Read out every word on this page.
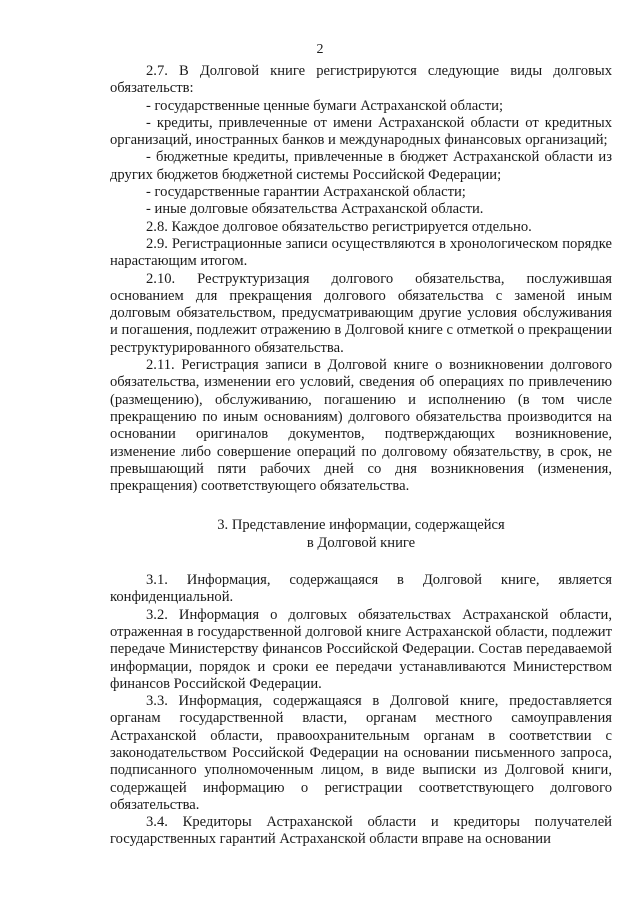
2

2.7. В Долговой книге регистрируются следующие виды долговых обязательств:

- государственные ценные бумаги Астраханской области;

- кредиты, привлеченные от имени Астраханской области от кредитных организаций, иностранных банков и международных финансовых организаций;

- бюджетные кредиты, привлеченные в бюджет Астраханской области из других бюджетов бюджетной системы Российской Федерации;

- государственные гарантии Астраханской области;

- иные долговые обязательства Астраханской области.

2.8. Каждое долговое обязательство регистрируется отдельно.

2.9. Регистрационные записи осуществляются в хронологическом порядке нарастающим итогом.

2.10. Реструктуризация долгового обязательства, послужившая основанием для прекращения долгового обязательства с заменой иным долговым обязательством, предусматривающим другие условия обслуживания и погашения, подлежит отражению в Долговой книге с отметкой о прекращении реструктурированного обязательства.

2.11. Регистрация записи в Долговой книге о возникновении долгового обязательства, изменении его условий, сведения об операциях по привлечению (размещению), обслуживанию, погашению и исполнению (в том числе прекращению по иным основаниям) долгового обязательства производится на основании оригиналов документов, подтверждающих возникновение, изменение либо совершение операций по долговому обязательству, в срок, не превышающий пяти рабочих дней со дня возникновения (изменения, прекращения) соответствующего обязательства.

3. Представление информации, содержащейся
в Долговой книге

3.1. Информация, содержащаяся в Долговой книге, является конфиденциальной.

3.2. Информация о долговых обязательствах Астраханской области, отраженная в государственной долговой книге Астраханской области, подлежит передаче Министерству финансов Российской Федерации. Состав передаваемой информации, порядок и сроки ее передачи устанавливаются Министерством финансов Российской Федерации.

3.3. Информация, содержащаяся в Долговой книге, предоставляется органам государственной власти, органам местного самоуправления Астраханской области, правоохранительным органам в соответствии с законодательством Российской Федерации на основании письменного запроса, подписанного уполномоченным лицом, в виде выписки из Долговой книги, содержащей информацию о регистрации соответствующего долгового обязательства.

3.4. Кредиторы Астраханской области и кредиторы получателей государственных гарантий Астраханской области вправе на основании
